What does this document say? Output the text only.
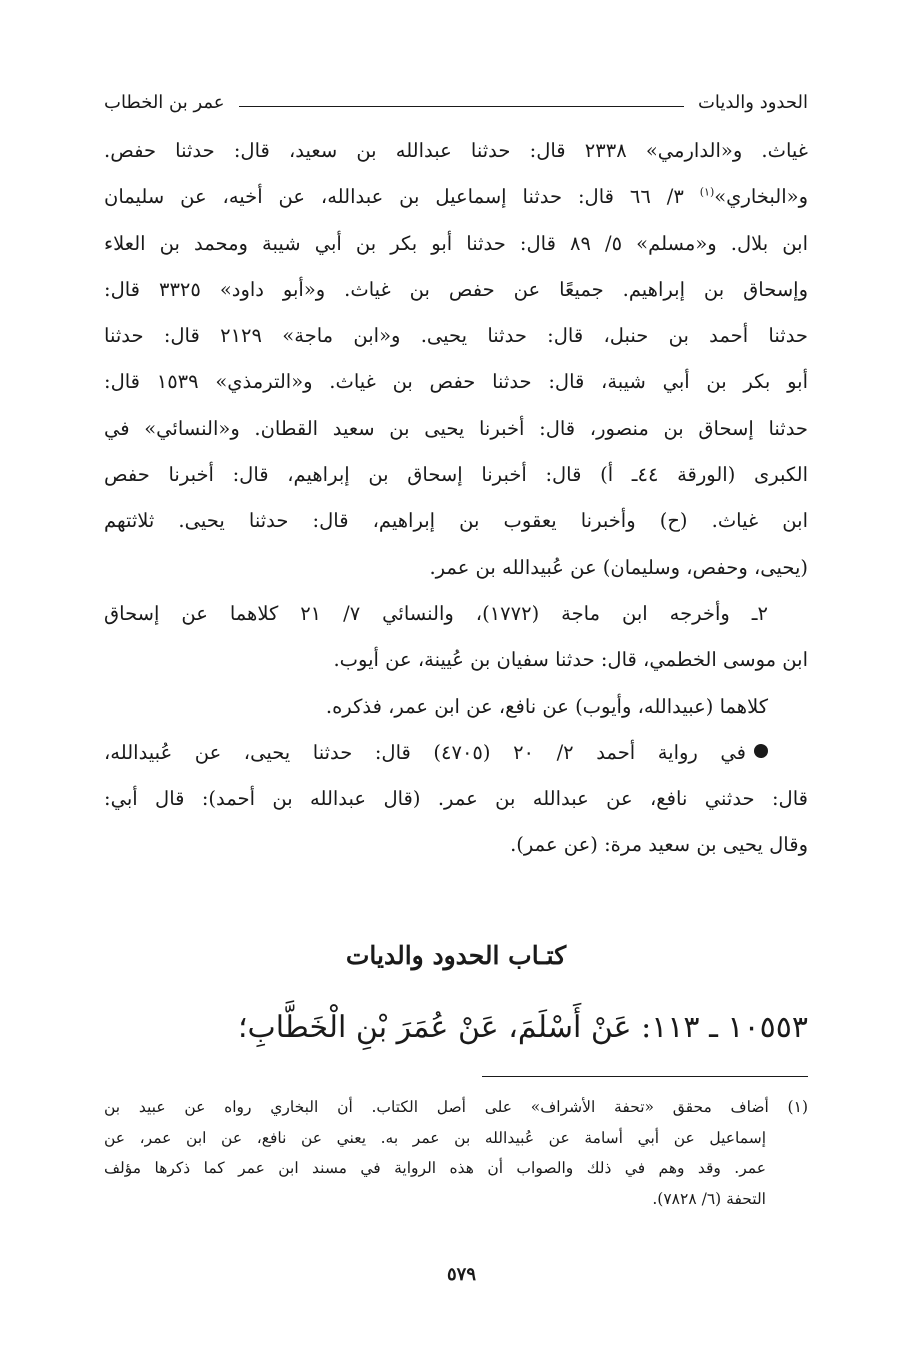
الحدود والديات
عمر بن الخطاب
غياث. و«الدارمي» ٢٣٣٨ قال: حدثنا عبدالله بن سعيد، قال: حدثنا حفص.
و«البخاري»$^{(١)}$ ٣/ ٦٦ قال: حدثنا إسماعيل بن عبدالله، عن أخيه، عن سليمان
ابن بلال. و«مسلم» ٥/ ٨٩ قال: حدثنا أبو بكر بن أبي شيبة ومحمد بن العلاء
وإسحاق بن إبراهيم. جميعًا عن حفص بن غياث. و«أبو داود» ٣٣٢٥ قال:
حدثنا أحمد بن حنبل، قال: حدثنا يحيى. و«ابن ماجة» ٢١٢٩ قال: حدثنا
أبو بكر بن أبي شيبة، قال: حدثنا حفص بن غياث. و«الترمذي» ١٥٣٩ قال:
حدثنا إسحاق بن منصور، قال: أخبرنا يحيى بن سعيد القطان. و«النسائي» في
الكبرى (الورقة ٤٤ـ أ) قال: أخبرنا إسحاق بن إبراهيم، قال: أخبرنا حفص
ابن غياث. (ح) وأخبرنا يعقوب بن إبراهيم، قال: حدثنا يحيى. ثلاثتهم
(يحيى، وحفص، وسليمان) عن عُبيدالله بن عمر.
٢ـ وأخرجه ابن ماجة (١٧٧٢)، والنسائي ٧/ ٢١ كلاهما عن إسحاق
ابن موسى الخطمي، قال: حدثنا سفيان بن عُيينة، عن أيوب.
كلاهما (عبيدالله، وأيوب) عن نافع، عن ابن عمر، فذكره.
في رواية أحمد ٢/ ٢٠ (٤٧٠٥) قال: حدثنا يحيى، عن عُبيدالله،
قال: حدثني نافع، عن عبدالله بن عمر. (قال عبدالله بن أحمد): قال أبي:
وقال يحيى بن سعيد مرة: (عن عمر).
كتـاب الحدود والديات
١٠٥٥٣ ـ ١١٣: عَنْ أَسْلَمَ، عَنْ عُمَرَ بْنِ الْخَطَّابِ؛
(١) أضاف محقق «تحفة الأشراف» على أصل الكتاب. أن البخاري رواه عن عبيد بن
إسماعيل عن أبي أسامة عن عُبيدالله بن عمر به. يعني عن نافع، عن ابن عمر، عن
عمر. وقد وهم في ذلك والصواب أن هذه الرواية في مسند ابن عمر كما ذكرها مؤلف
التحفة (٦/ ٧٨٢٨).
٥٧٩
